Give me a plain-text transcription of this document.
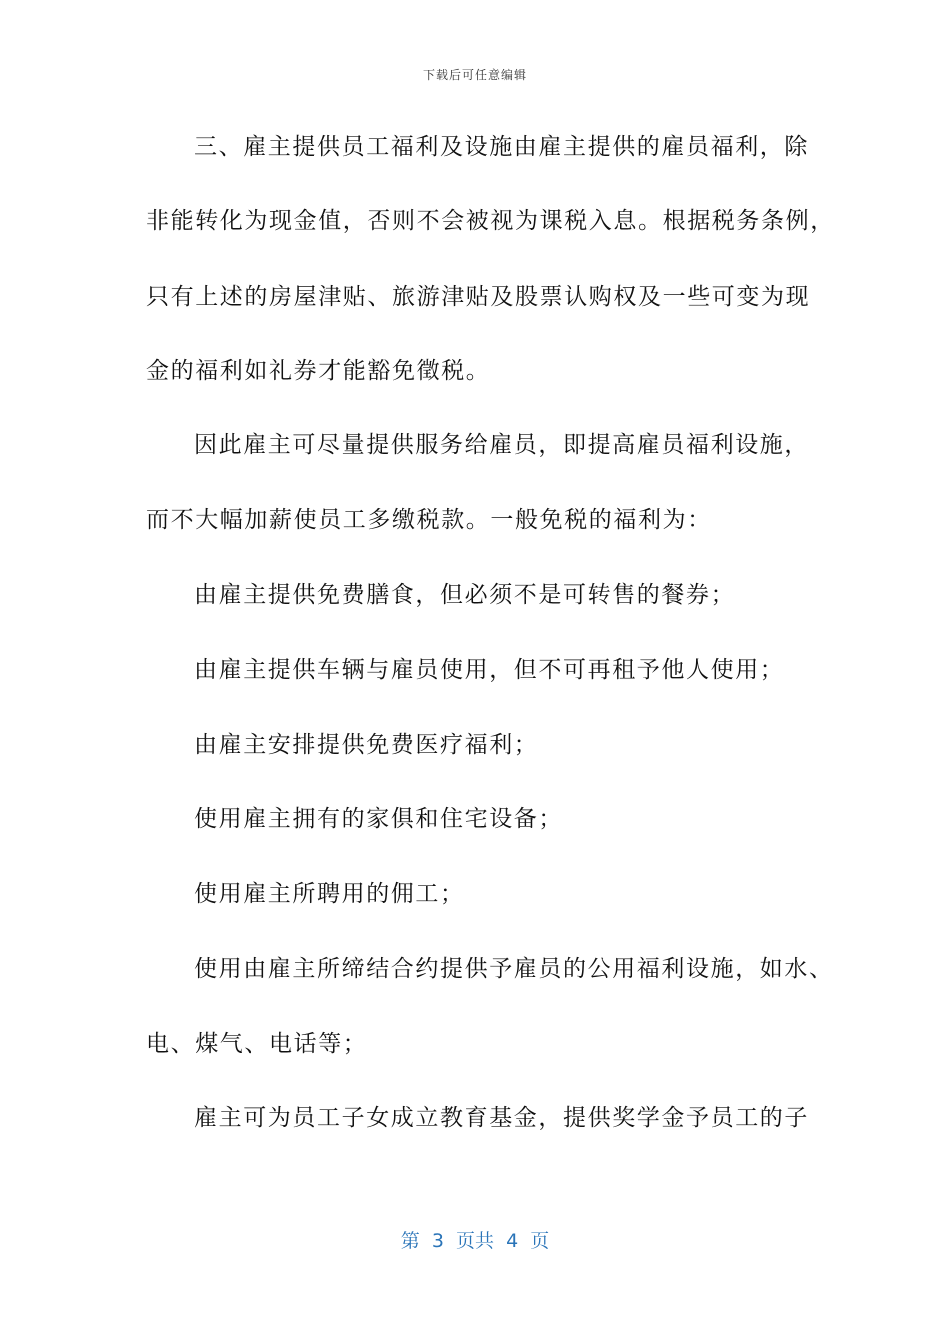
下载后可任意编辑
三、雇主提供员工福利及设施由雇主提供的雇员福利，除
非能转化为现金值，否则不会被视为课税入息。根据税务条例，
只有上述的房屋津贴、旅游津贴及股票认购权及一些可变为现
金的福利如礼券才能豁免徵税。
因此雇主可尽量提供服务给雇员，即提高雇员福利设施，
而不大幅加薪使员工多缴税款。一般免税的福利为：
由雇主提供免费膳食，但必须不是可转售的餐券；
由雇主提供车辆与雇员使用，但不可再租予他人使用；
由雇主安排提供免费医疗福利；
使用雇主拥有的家俱和住宅设备；
使用雇主所聘用的佣工；
使用由雇主所缔结合约提供予雇员的公用福利设施，如水、
电、煤气、电话等；
雇主可为员工子女成立教育基金，提供奖学金予员工的子
第  3  页共  4  页
